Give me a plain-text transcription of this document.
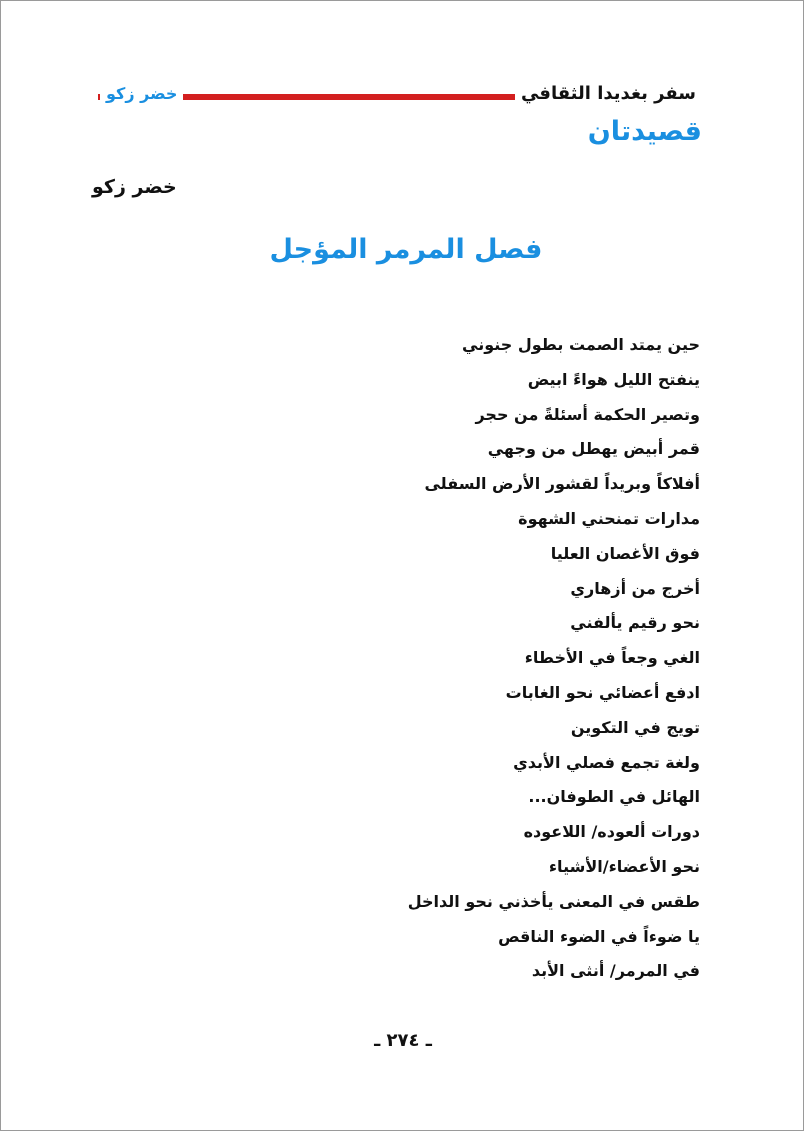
خضر زكو	سفر بغديدا الثقافي
قصيدتان
خضر زكو
فصل المرمر المؤجل
حين يمتد الصمت بطول جنوني
ينفتح الليل هواءً ابيض
وتصير الحكمة أسئلةً من حجر
قمر أبيض يهطل من وجهي
أفلاكاً وبريداً لقشور الأرض السفلى
مدارات تمنحني الشهوة
فوق الأغصان العليا
أخرج من أزهاري
نحو رقيم يألفني
الغي وجعاً في الأخطاء
ادفع أعضائي نحو الغابات
تويج في التكوين
ولغة تجمع فصلي الأبدي
الهائل في الطوفان...
دورات ألعوده/ اللاعوده
نحو الأعضاء/الأشياء
طقس في المعنى يأخذني نحو الداخل
يا ضوءاً في الضوء الناقص
في المرمر/ أنثى الأبد
ـ ٢٧٤ ـ
